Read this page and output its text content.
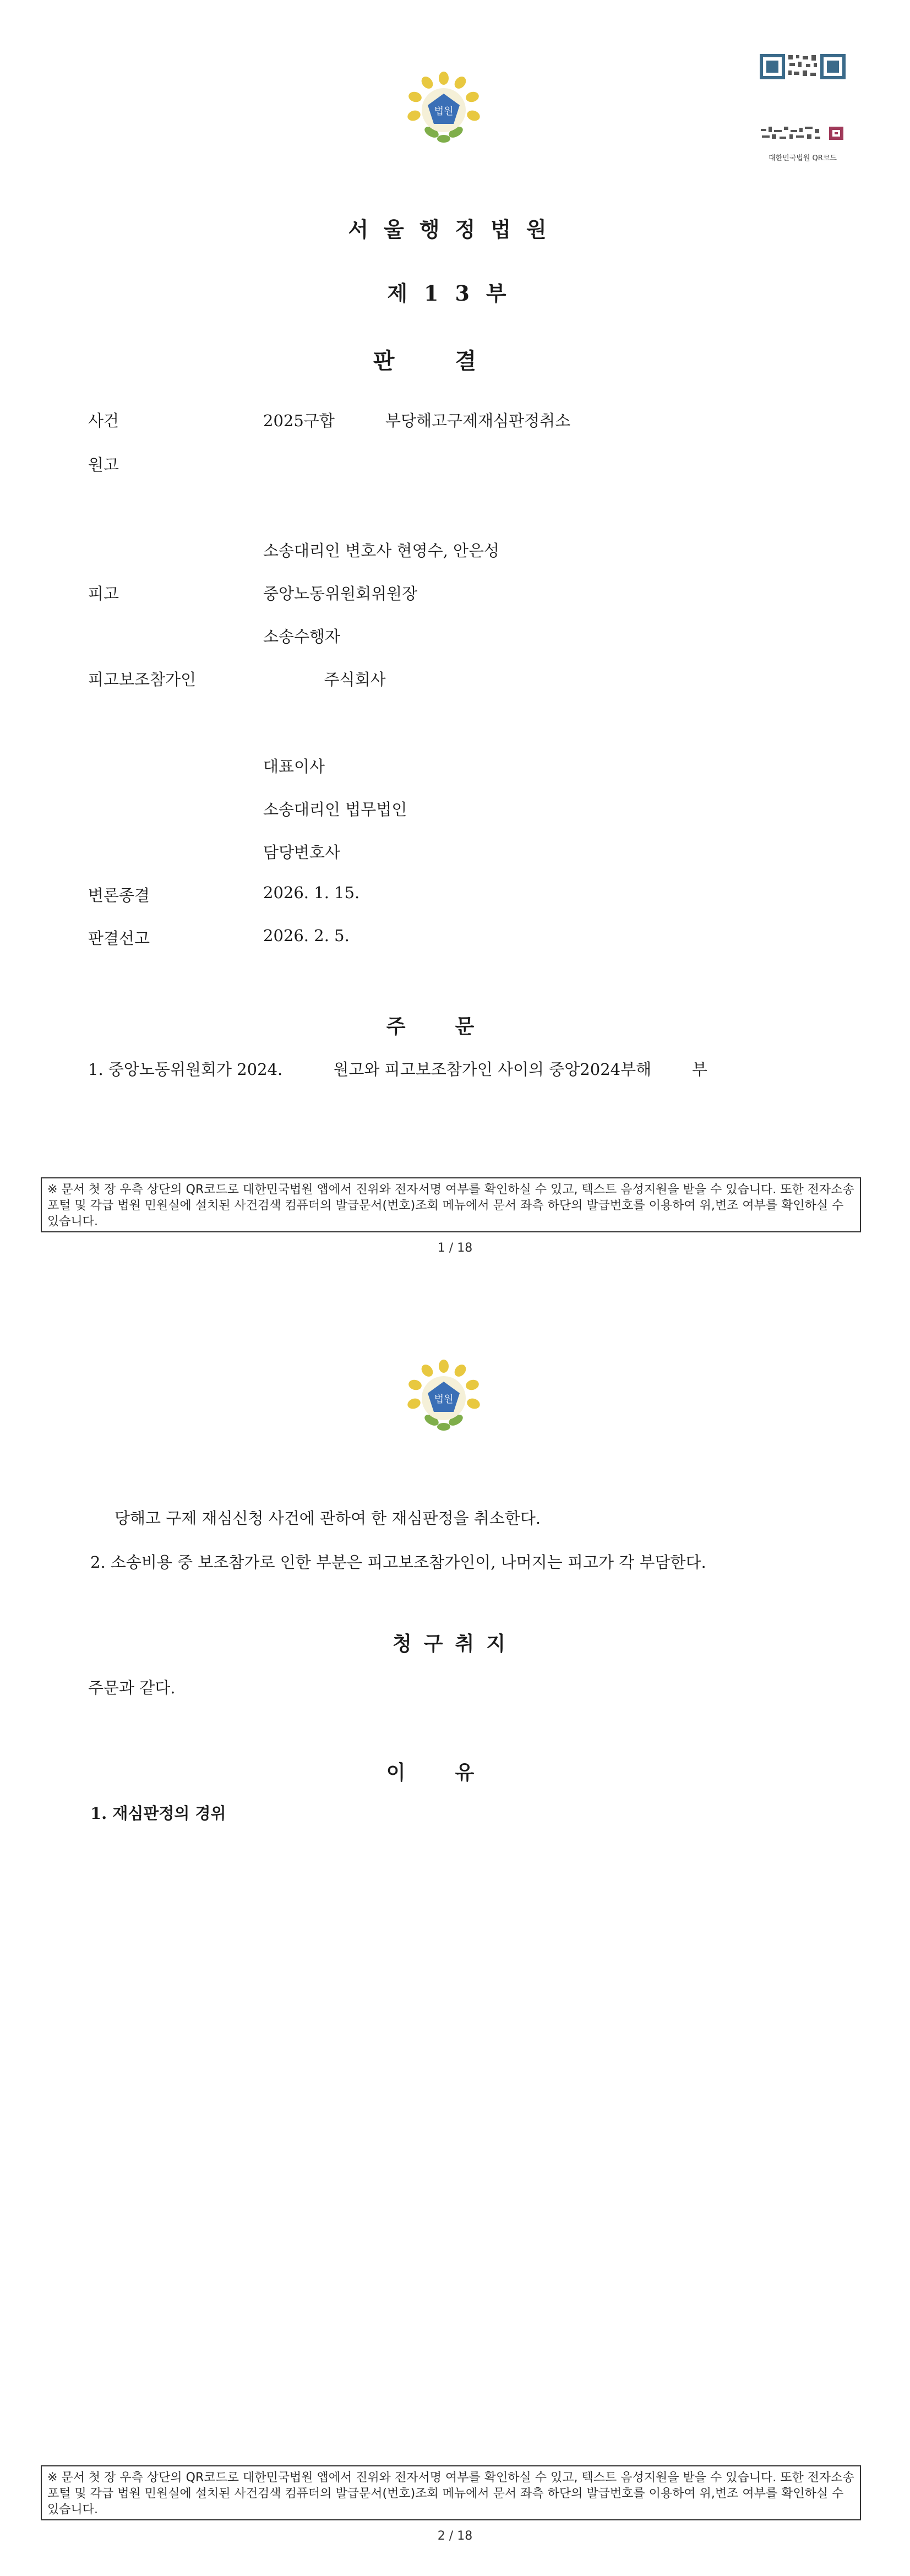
법원
대한민국법원 QR코드
서울행정법원
제13부
판결
사건	2025구합          부당해고구제재심판정취소
원고
소송대리인 변호사 현영수, 안은성
피고	중앙노동위원회위원장
소송수행자
피고보조참가인	주식회사
대표이사
소송대리인 법무법인
담당변호사
변론종결	2026. 1. 15.
판결선고	2026. 2. 5.
주문
1. 중앙노동위원회가 2024.          원고와 피고보조참가인 사이의 중앙2024부해        부
※ 문서 첫 장 우측 상단의 QR코드로 대한민국법원 앱에서 진위와 전자서명 여부를 확인하실 수 있고, 텍스트 음성지원을 받을 수 있습니다. 또한 전자소송포털 및 각급 법원 민원실에 설치된 사건검색 컴퓨터의 발급문서(번호)조회 메뉴에서 문서 좌측 하단의 발급번호를 이용하여 위,변조 여부를 확인하실 수 있습니다.
1 / 18
법원
당해고 구제 재심신청 사건에 관하여 한 재심판정을 취소한다.
2. 소송비용 중 보조참가로 인한 부분은 피고보조참가인이, 나머지는 피고가 각 부담한다.
청구취지
주문과 같다.
이유
1. 재심판정의 경위
※ 문서 첫 장 우측 상단의 QR코드로 대한민국법원 앱에서 진위와 전자서명 여부를 확인하실 수 있고, 텍스트 음성지원을 받을 수 있습니다. 또한 전자소송포털 및 각급 법원 민원실에 설치된 사건검색 컴퓨터의 발급문서(번호)조회 메뉴에서 문서 좌측 하단의 발급번호를 이용하여 위,변조 여부를 확인하실 수 있습니다.
2 / 18
